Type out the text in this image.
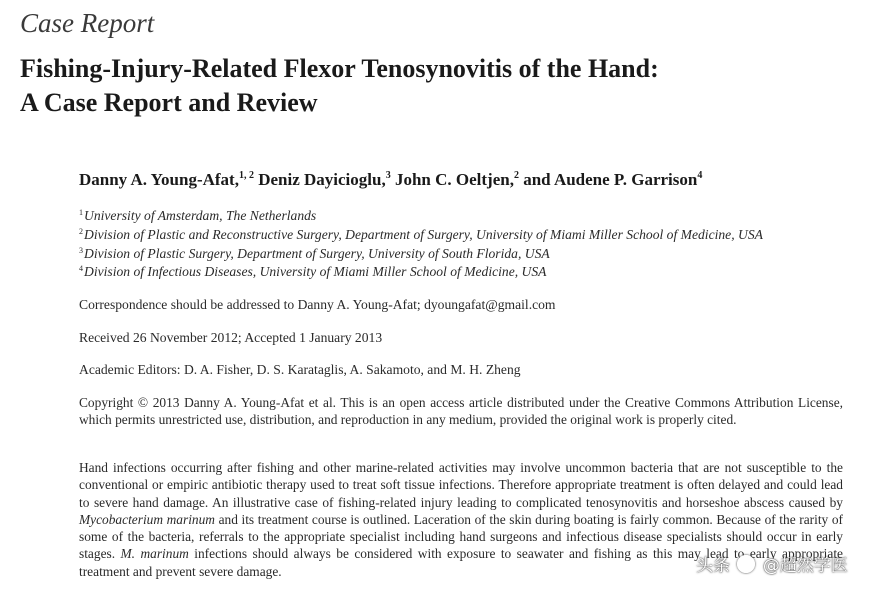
Case Report
Fishing-Injury-Related Flexor Tenosynovitis of the Hand:
A Case Report and Review
Danny A. Young-Afat,$^{1, 2}$ Deniz Dayicioglu,$^3$ John C. Oeltjen,$^2$ and Audene P. Garrison$^4$
$^1$University of Amsterdam, The Netherlands
$^2$Division of Plastic and Reconstructive Surgery, Department of Surgery, University of Miami Miller School of Medicine, USA
$^3$Division of Plastic Surgery, Department of Surgery, University of South Florida, USA
$^4$Division of Infectious Diseases, University of Miami Miller School of Medicine, USA
Correspondence should be addressed to Danny A. Young-Afat; dyoungafat@gmail.com
Received 26 November 2012; Accepted 1 January 2013
Academic Editors: D. A. Fisher, D. S. Karataglis, A. Sakamoto, and M. H. Zheng
Copyright © 2013 Danny A. Young-Afat et al. This is an open access article distributed under the Creative Commons Attribution License, which permits unrestricted use, distribution, and reproduction in any medium, provided the original work is properly cited.
Hand infections occurring after fishing and other marine-related activities may involve uncommon bacteria that are not susceptible to the conventional or empiric antibiotic therapy used to treat soft tissue infections. Therefore appropriate treatment is often delayed and could lead to severe hand damage. An illustrative case of fishing-related injury leading to complicated tenosynovitis and horseshoe abscess caused by Mycobacterium marinum and its treatment course is outlined. Laceration of the skin during boating is fairly common. Because of the rarity of some of the bacteria, referrals to the appropriate specialist including hand surgeons and infectious disease specialists should occur in early stages. M. marinum infections should always be considered with exposure to seawater and fishing as this may lead to early appropriate treatment and prevent severe damage.	头条 @超然学医
